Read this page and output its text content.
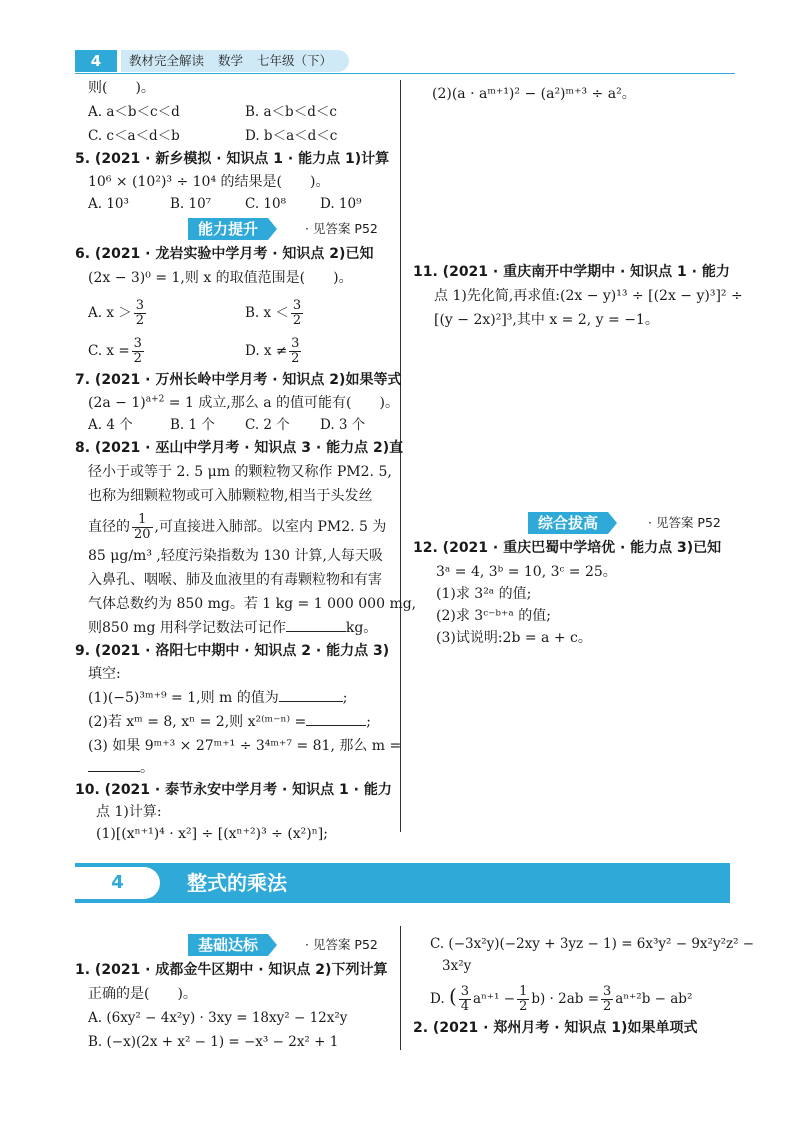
4	教材完全解读 数学 七年级（下）
则(　　)。
A. a＜b＜c＜d	B. a＜b＜d＜c
C. c＜a＜d＜b	D. b＜a＜d＜c
5. (2021 · 新乡模拟 · 知识点 1 · 能力点 1)计算
10⁶ × (10²)³ ÷ 10⁴ 的结果是(　　)。
A. 10³	B. 10⁷	C. 10⁸	D. 10⁹
能力提升	· 见答案 P52
6. (2021 · 龙岩实验中学月考 · 知识点 2)已知
(2x − 3)⁰ = 1,则 x 的取值范围是(　　)。
A. $x > \frac{3}{2}$	B. $x < \frac{3}{2}$
C. $x = \frac{3}{2}$	D. $x \ne \frac{3}{2}$
7. (2021 · 万州长岭中学月考 · 知识点 2)如果等式
$(2a - 1)^{a+2} = 1$ 成立,那么 a 的值可能有(　　)。
A. 4 个	B. 1 个 C. 2 个 D. 3 个
8. (2021 · 巫山中学月考 · 知识点 3 · 能力点 2)直
径小于或等于 2. 5 μm 的颗粒物又称作 PM2. 5,
也称为细颗粒物或可入肺颗粒物,相当于头发丝
直径的 $\frac{1}{20}$ ,可直接进入肺部。以室内 PM2. 5 为
85 μg/m³ ,轻度污染指数为 130 计算,人每天吸
入鼻孔、咽喉、肺及血液里的有毒颗粒物和有害
气体总数约为 850 mg。若 1 kg = 1 000 000 mg,
则850 mg 用科学记数法可记作	kg。
9. (2021 · 洛阳七中期中 · 知识点 2 · 能力点 3)
填空:
(1)(−5)³ᵐ⁺⁹ = 1,则 m 的值为	;
(2)若 xᵐ = 8, xⁿ = 2,则 x²⁽ᵐ⁻ⁿ⁾ =	;
(3) 如果 9ᵐ⁺³ × 27ᵐ⁺¹ ÷ 3⁴ᵐ⁺⁷ = 81, 那么 m =
。
10. (2021 · 泰节永安中学月考 · 知识点 1 · 能力
点 1)计算:
(1)[(xⁿ⁺¹)⁴ · x²] ÷ [(xⁿ⁺²)³ ÷ (x²)ⁿ];
(2)(a · aᵐ⁺¹)² − (a²)ᵐ⁺³ ÷ a²。
11. (2021 · 重庆南开中学期中 · 知识点 1 · 能力
点 1)先化简,再求值:(2x − y)¹³ ÷ [(2x − y)³]² ÷
[(y − 2x)²]³,其中 x = 2, y = −1。
综合拔高	· 见答案 P52
12. (2021 · 重庆巴蜀中学培优 · 能力点 3)已知
3ᵃ = 4, 3ᵇ = 10, 3ᶜ = 25。
(1)求 3²ᵃ 的值;
(2)求 3ᶜ⁻ᵇ⁺ᵃ 的值;
(3)试说明:2b = a + c。
4	整式的乘法
基础达标	· 见答案 P52
1. (2021 · 成都金牛区期中 · 知识点 2)下列计算
正确的是(　　)。
A. (6xy² − 4x²y) · 3xy = 18xy² − 12x²y
B. (−x)(2x + x² − 1) = −x³ − 2x² + 1
C. (−3x²y)(−2xy + 3yz − 1) = 6x³y² − 9x²y²z² −
3x²y
D. ( $\frac{3}{4} a^{n+1} - \frac{1}{2} b) \cdot 2ab = \frac{3}{2} a^{n+2}b - ab^2$
2. (2021 · 郑州月考 · 知识点 1)如果单项式
